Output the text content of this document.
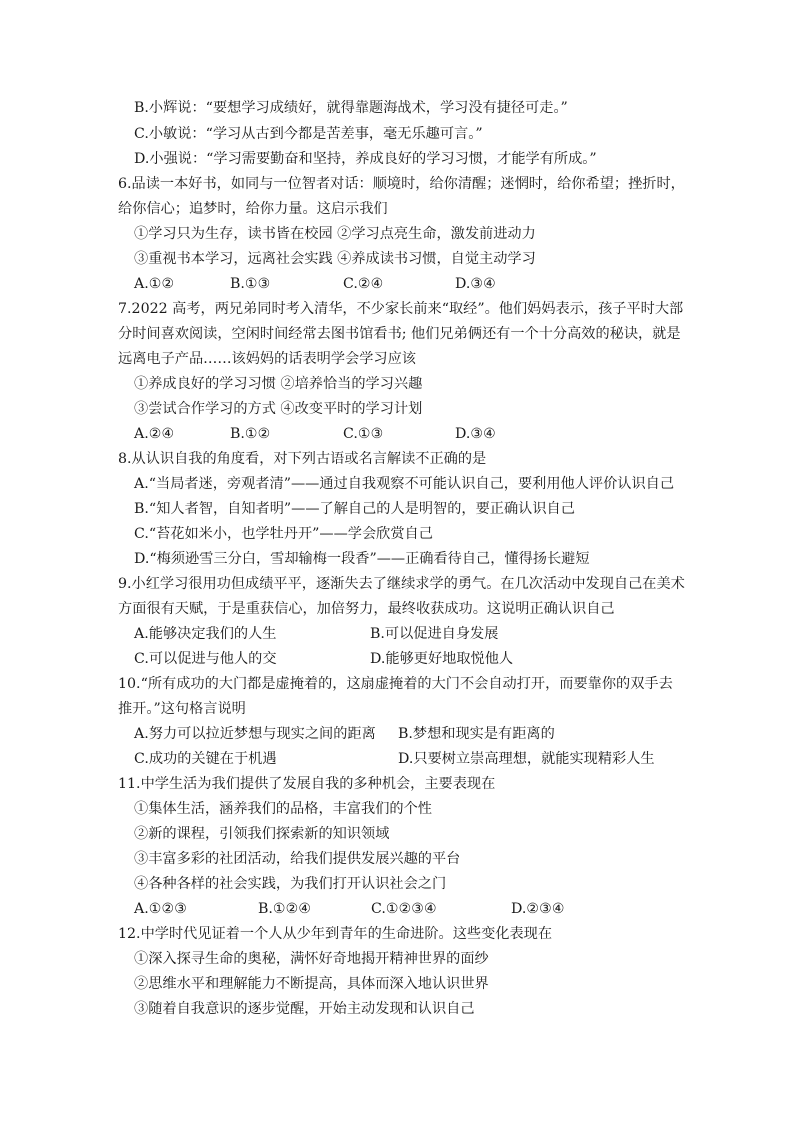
B.小辉说：“要想学习成绩好，就得靠题海战术，学习没有捷径可走。”
C.小敏说：“学习从古到今都是苦差事，毫无乐趣可言。”
D.小强说：“学习需要勤奋和坚持，养成良好的学习习惯，才能学有所成。”
6.品读一本好书，如同与一位智者对话：顺境时，给你清醒；迷惘时，给你希望；挫折时，
给你信心；追梦时，给你力量。这启示我们
①学习只为生存，读书皆在校园 ②学习点亮生命，激发前进动力
③重视书本学习，远离社会实践 ④养成读书习惯，自觉主动学习
A.①②	B.①③	C.②④	D.③④
7.2022 高考，两兄弟同时考入清华，不少家长前来“取经”。他们妈妈表示，孩子平时大部
分时间喜欢阅读，空闲时间经常去图书馆看书; 他们兄弟俩还有一个十分高效的秘诀，就是
远离电子产品……该妈妈的话表明学会学习应该
①养成良好的学习习惯 ②培养恰当的学习兴趣
③尝试合作学习的方式 ④改变平时的学习计划
A.②④	B.①②	C.①③	D.③④
8.从认识自我的角度看，对下列古语或名言解读不正确的是
A.“当局者迷，旁观者清”——通过自我观察不可能认识自己，要利用他人评价认识自己
B.“知人者智，自知者明”——了解自己的人是明智的，要正确认识自己
C.“苔花如米小，也学牡丹开”——学会欣赏自己
D.“梅须逊雪三分白，雪却输梅一段香”——正确看待自己，懂得扬长避短
9.小红学习很用功但成绩平平，逐渐失去了继续求学的勇气。在几次活动中发现自己在美术
方面很有天赋，于是重获信心，加倍努力，最终收获成功。这说明正确认识自己
A.能够决定我们的人生	B.可以促进自身发展
C.可以促进与他人的交	D.能够更好地取悦他人
10.“所有成功的大门都是虚掩着的，这扇虚掩着的大门不会自动打开，而要靠你的双手去
推开。”这句格言说明
A.努力可以拉近梦想与现实之间的距离 B.梦想和现实是有距离的
C.成功的关键在于机遇	D.只要树立崇高理想，就能实现精彩人生
11.中学生活为我们提供了发展自我的多种机会，主要表现在
①集体生活，涵养我们的品格，丰富我们的个性
②新的课程，引领我们探索新的知识领域
③丰富多彩的社团活动，给我们提供发展兴趣的平台
④各种各样的社会实践，为我们打开认识社会之门
A.①②③	B.①②④	C.①②③④	D.②③④
12.中学时代见证着一个人从少年到青年的生命进阶。这些变化表现在
①深入探寻生命的奥秘，满怀好奇地揭开精神世界的面纱
②思维水平和理解能力不断提高，具体而深入地认识世界
③随着自我意识的逐步觉醒，开始主动发现和认识自己
